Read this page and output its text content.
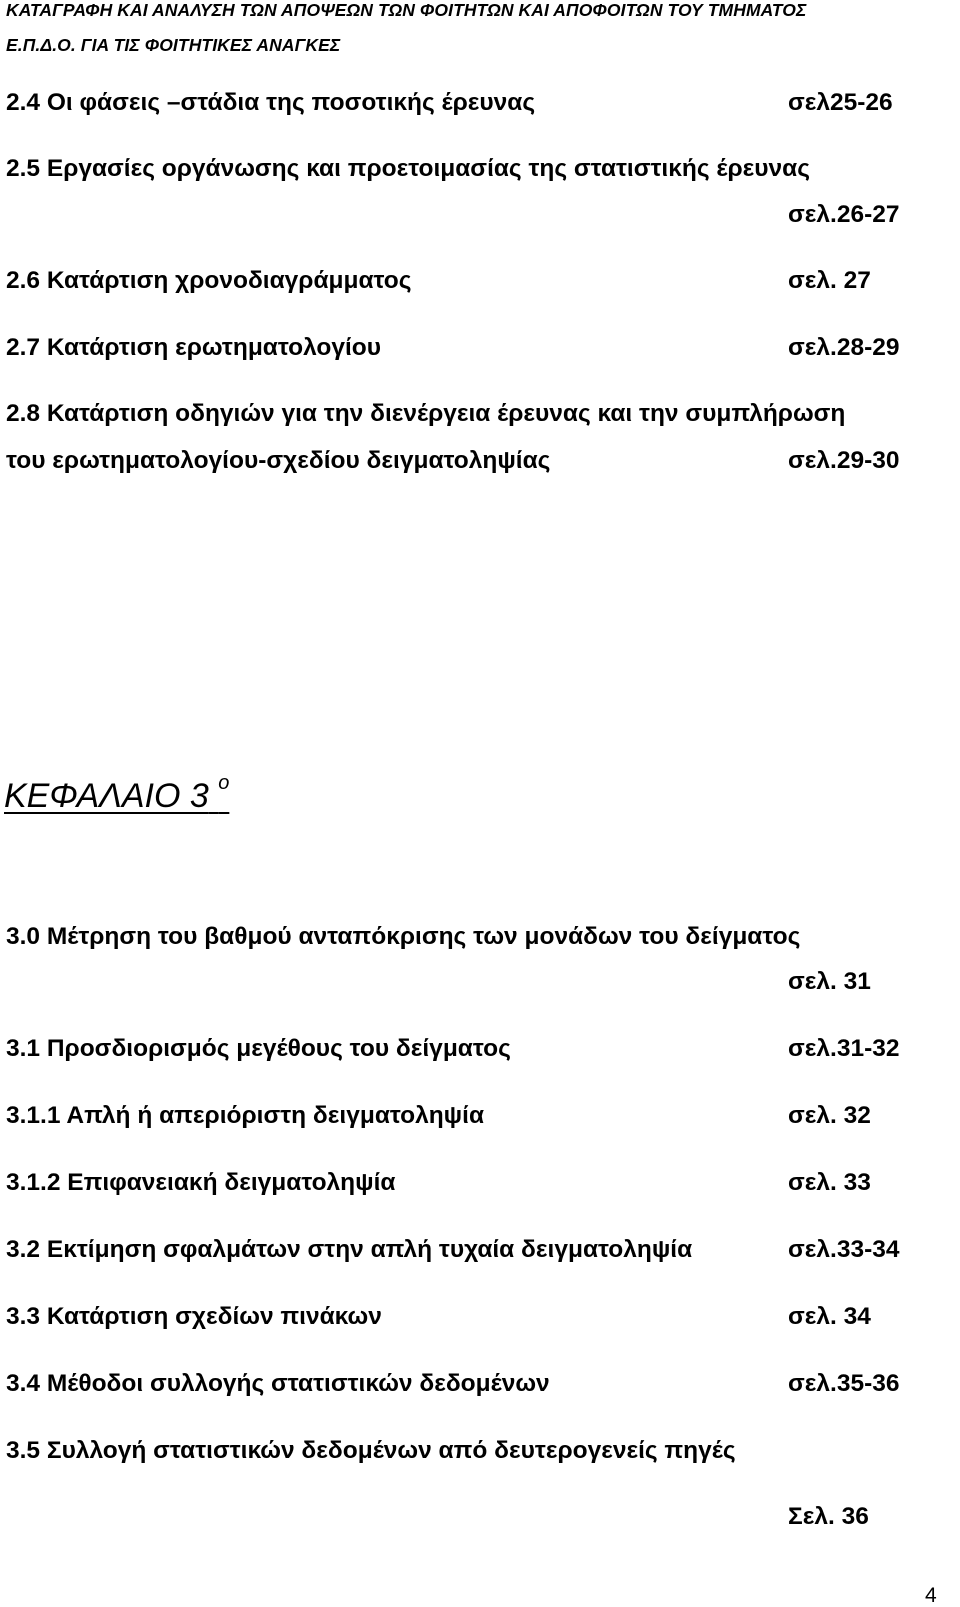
ΚΑΤΑΓΡΑΦΗ ΚΑΙ ΑΝΑΛΥΣΗ ΤΩΝ ΑΠΟΨΕΩΝ ΤΩΝ ΦΟΙΤΗΤΩΝ ΚΑΙ ΑΠΟΦΟΙΤΩΝ ΤΟΥ ΤΜΗΜΑΤΟΣ
Ε.Π.Δ.Ο. ΓΙΑ ΤΙΣ ΦΟΙΤΗΤΙΚΕΣ ΑΝΑΓΚΕΣ
2.4 Οι φάσεις –στάδια της ποσοτικής έρευνας	σελ25-26
2.5 Εργασίες οργάνωσης και προετοιμασίας της στατιστικής έρευνας
σελ.26-27
2.6 Κατάρτιση χρονοδιαγράμματος	σελ. 27
2.7 Κατάρτιση ερωτηματολογίου	σελ.28-29
2.8 Κατάρτιση οδηγιών για την διενέργεια έρευνας και την συμπλήρωση
του ερωτηματολογίου-σχεδίου δειγματοληψίας	σελ.29-30
ΚΕΦΑΛΑΙΟ 3 $^o$
3.0 Μέτρηση του βαθμού ανταπόκρισης των μονάδων του δείγματος
σελ. 31
3.1 Προσδιορισμός μεγέθους του δείγματος	σελ.31-32
3.1.1 Απλή ή απεριόριστη δειγματοληψία	σελ. 32
3.1.2 Επιφανειακή δειγματοληψία	σελ. 33
3.2 Εκτίμηση σφαλμάτων στην απλή τυχαία δειγματοληψία	σελ.33-34
3.3 Κατάρτιση σχεδίων πινάκων	σελ. 34
3.4 Μέθοδοι συλλογής στατιστικών δεδομένων	σελ.35-36
3.5 Συλλογή στατιστικών δεδομένων από δευτερογενείς πηγές
Σελ. 36
4
